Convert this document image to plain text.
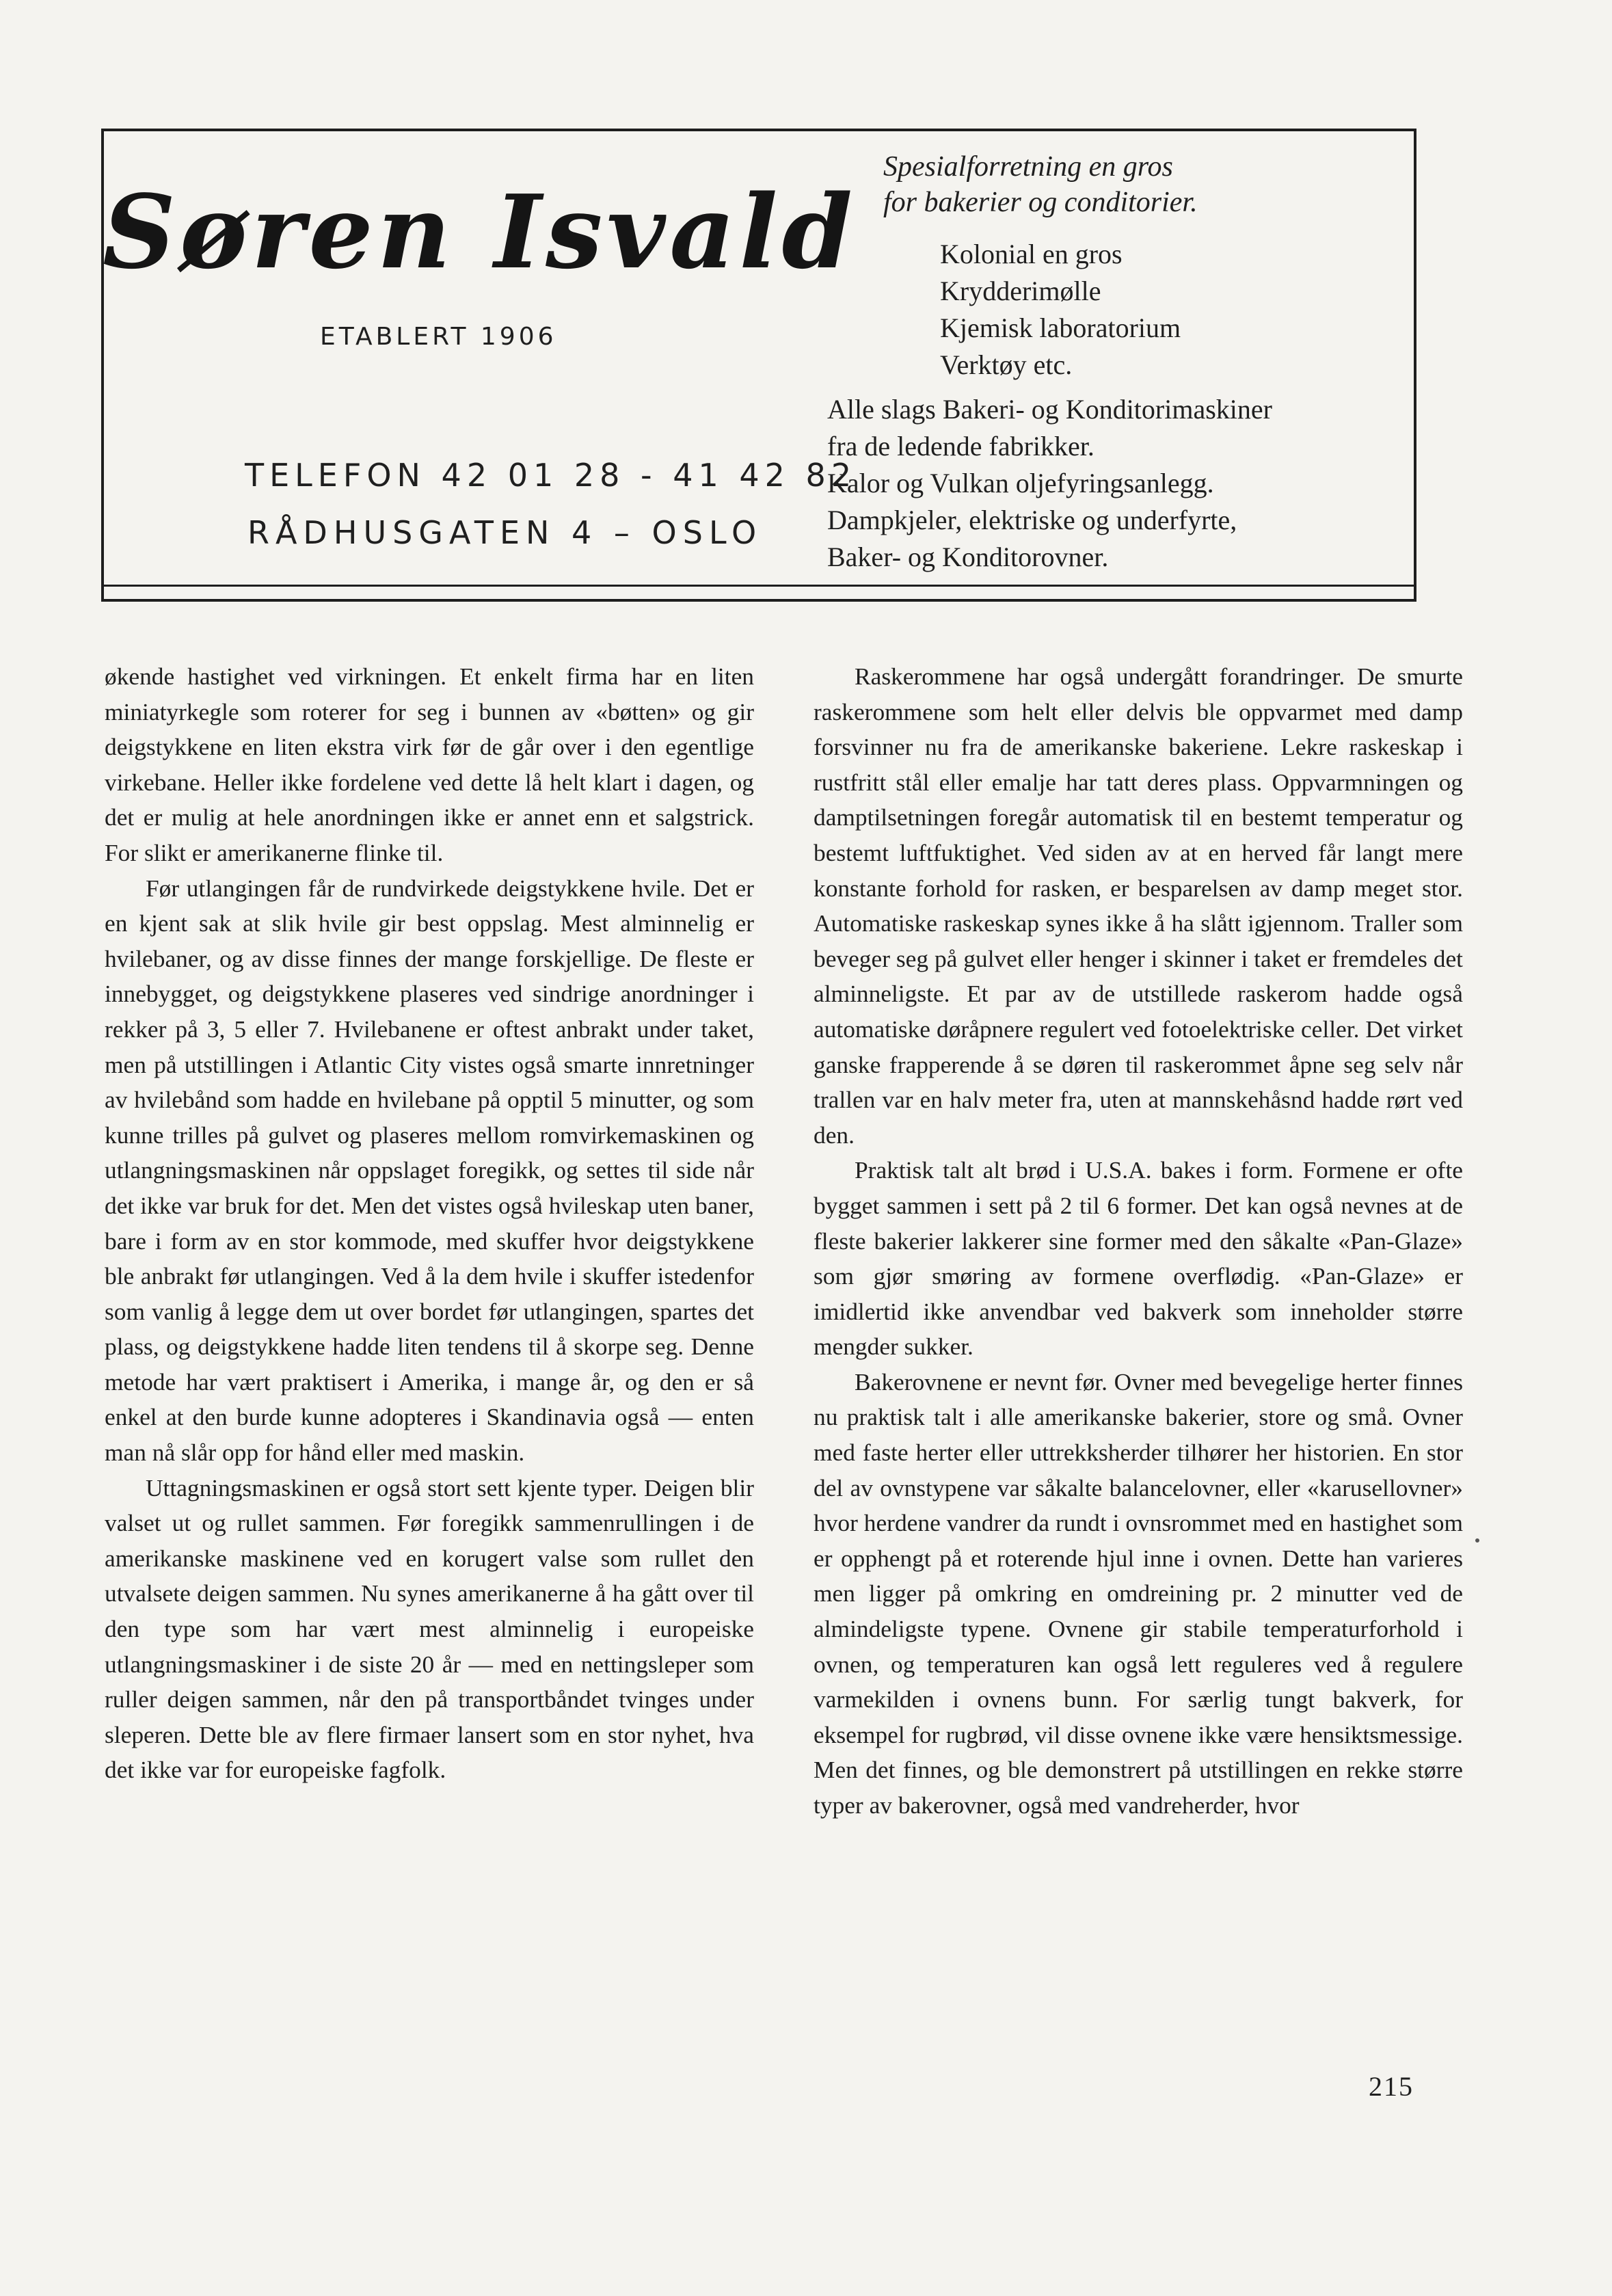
Søren Isvald
ETABLERT 1906
TELEFON 42 01 28 - 41 42 82
RÅDHUSGATEN 4 – OSLO
Spesialforretning en gros
for bakerier og conditorier.
Kolonial en gros
Krydderimølle
Kjemisk laboratorium
Verktøy etc.
Alle slags Bakeri- og Konditorimaskiner
fra de ledende fabrikker.
Kalor og Vulkan oljefyringsanlegg.
Dampkjeler, elektriske og underfyrte,
Baker- og Konditorovner.

økende hastighet ved virkningen. Et enkelt firma har en liten miniatyrkegle som roterer for seg i bunnen av «bøtten» og gir deigstykkene en liten ekstra virk før de går over i den egentlige virkebane. Heller ikke fordelene ved dette lå helt klart i dagen, og det er mulig at hele anordningen ikke er annet enn et salgstrick. For slikt er amerikanerne flinke til.

Før utlangingen får de rundvirkede deigstykkene hvile. Det er en kjent sak at slik hvile gir best oppslag. Mest alminnelig er hvilebaner, og av disse finnes der mange forskjellige. De fleste er innebygget, og deigstykkene plaseres ved sindrige anordninger i rekker på 3, 5 eller 7. Hvilebanene er oftest anbrakt under taket, men på utstillingen i Atlantic City vistes også smarte innretninger av hvilebånd som hadde en hvilebane på opptil 5 minutter, og som kunne trilles på gulvet og plaseres mellom romvirkemaskinen og utlangningsmaskinen når oppslaget foregikk, og settes til side når det ikke var bruk for det. Men det vistes også hvileskap uten baner, bare i form av en stor kommode, med skuffer hvor deigstykkene ble anbrakt før utlangingen. Ved å la dem hvile i skuffer istedenfor som vanlig å legge dem ut over bordet før utlangingen, spartes det plass, og deigstykkene hadde liten tendens til å skorpe seg. Denne metode har vært praktisert i Amerika, i mange år, og den er så enkel at den burde kunne adopteres i Skandinavia også — enten man nå slår opp for hånd eller med maskin.

Uttagningsmaskinen er også stort sett kjente typer. Deigen blir valset ut og rullet sammen. Før foregikk sammenrullingen i de amerikanske maskinene ved en korugert valse som rullet den utvalsete deigen sammen. Nu synes amerikanerne å ha gått over til den type som har vært mest alminnelig i europeiske utlangningsmaskiner i de siste 20 år — med en nettingsleper som ruller deigen sammen, når den på transportbåndet tvinges under sleperen. Dette ble av flere firmaer lansert som en stor nyhet, hva det ikke var for europeiske fagfolk.

Raskerommene har også undergått forandringer. De smurte raskerommene som helt eller delvis ble oppvarmet med damp forsvinner nu fra de amerikanske bakeriene. Lekre raskeskap i rustfritt stål eller emalje har tatt deres plass. Oppvarmningen og damptilsetningen foregår automatisk til en bestemt temperatur og bestemt luftfuktighet. Ved siden av at en herved får langt mere konstante forhold for rasken, er besparelsen av damp meget stor. Automatiske raskeskap synes ikke å ha slått igjennom. Traller som beveger seg på gulvet eller henger i skinner i taket er fremdeles det alminneligste. Et par av de utstillede raskerom hadde også automatiske døråpnere regulert ved fotoelektriske celler. Det virket ganske frapperende å se døren til raskerommet åpne seg selv når trallen var en halv meter fra, uten at mannskehåsnd hadde rørt ved den.

Praktisk talt alt brød i U.S.A. bakes i form. Formene er ofte bygget sammen i sett på 2 til 6 former. Det kan også nevnes at de fleste bakerier lakkerer sine former med den såkalte «Pan-Glaze» som gjør smøring av formene overflødig. «Pan-Glaze» er imidlertid ikke anvendbar ved bakverk som inneholder større mengder sukker.

Bakerovnene er nevnt før. Ovner med bevegelige herter finnes nu praktisk talt i alle amerikanske bakerier, store og små. Ovner med faste herter eller uttrekksherder tilhører her historien. En stor del av ovnstypene var såkalte balancelovner, eller «karusellovner» hvor herdene vandrer da rundt i ovnsrommet med en hastighet som er opphengt på et roterende hjul inne i ovnen. Dette han varieres men ligger på omkring en omdreining pr. 2 minutter ved de almindeligste typene. Ovnene gir stabile temperaturforhold i ovnen, og temperaturen kan også lett reguleres ved å regulere varmekilden i ovnens bunn. For særlig tungt bakverk, for eksempel for rugbrød, vil disse ovnene ikke være hensiktsmessige. Men det finnes, og ble demonstrert på utstillingen en rekke større typer av bakerovner, også med vandreherder, hvor

215
